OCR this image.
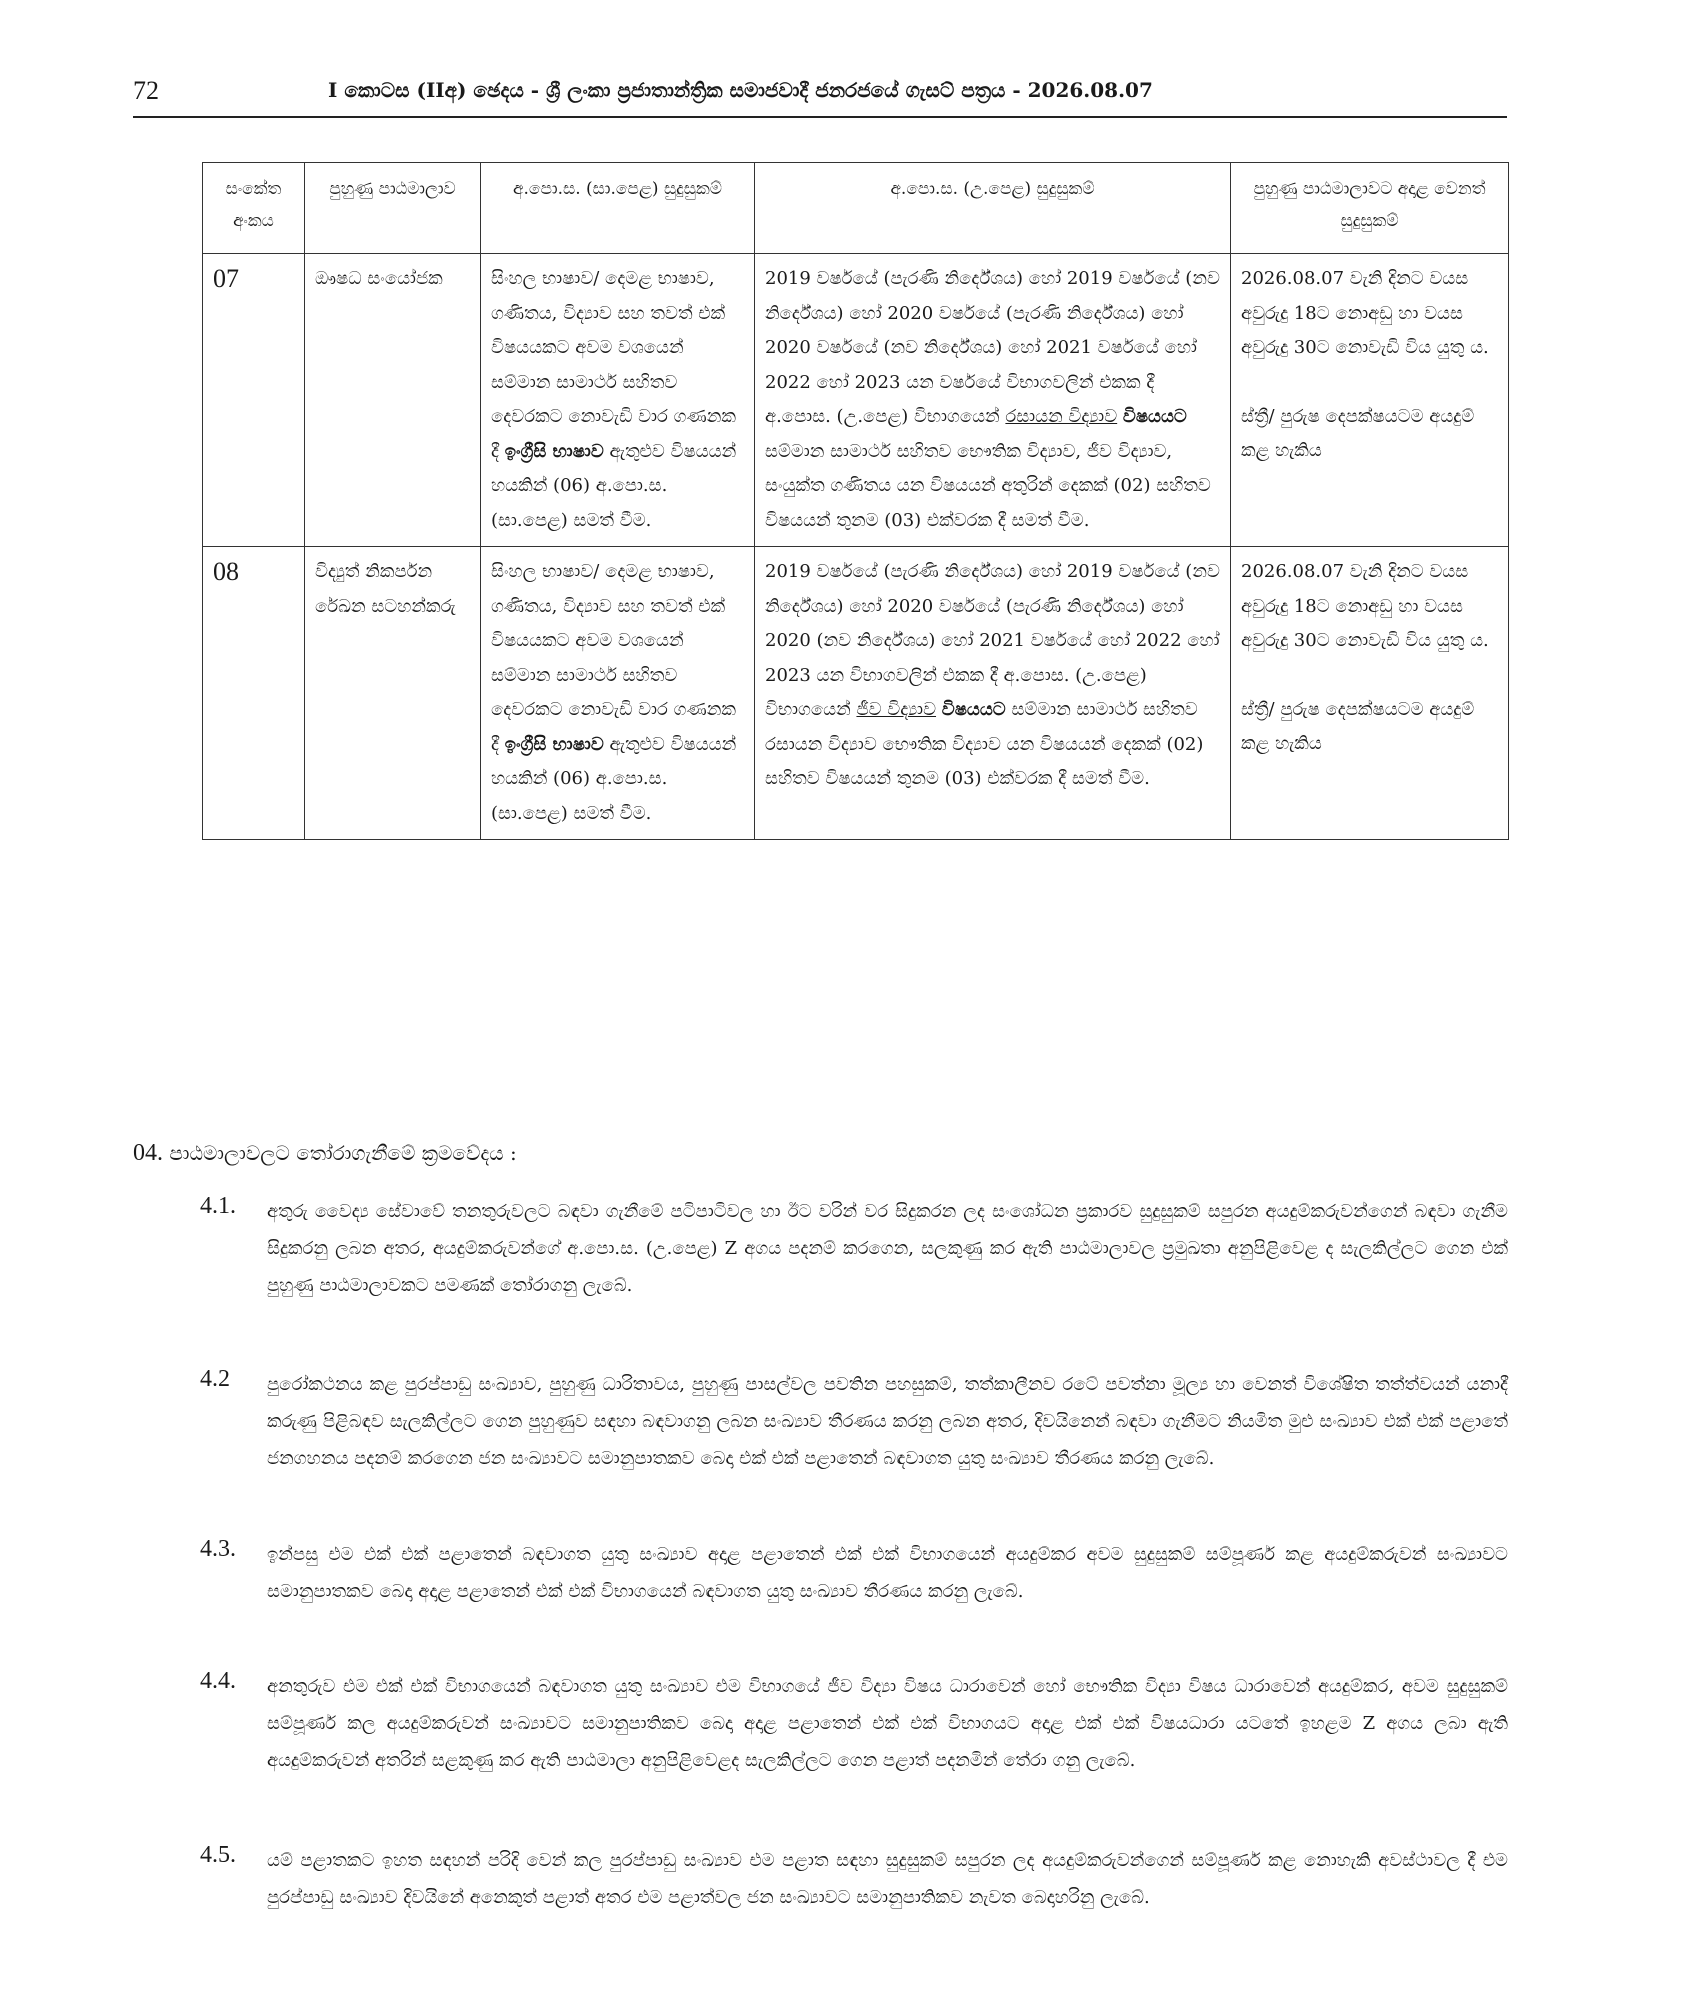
72	I කොටස (IIඅ) ඡෙදය - ශ්‍රී ලංකා ප්‍රජාතාන්ත්‍රික සමාජවාදී ජනරජයේ ගැසට් පත්‍රය - 2026.08.07
සංකේත අංකය	පුහුණු පාඨමාලාව	අ.පො.ස. (සා.පෙළ) සුදුසුකම්	අ.පො.ස. (උ.පෙළ) සුදුසුකම්	පුහුණු පාඨමාලාවට අදාළ වෙනත් සුදුසුකම්
07	ඖෂධ සංයෝජක	සිංහල භාෂාව/ දෙමළ භාෂාව, ගණිතය, විද්‍යාව සහ තවත් එක් විෂයයකට අවම වශයෙන් සම්මාන සාමාර්ථ සහිතව දෙවරකට නොවැඩි වාර ගණනක දී ඉංග්‍රීසි භාෂාව ඇතුළුව විෂයයන් හයකින් (06) අ.පො.ස. (සා.පෙළ) සමත් වීම.	2019 වර්ෂයේ (පැරණි නිර්දේශය) හෝ 2019 වර්ෂයේ (නව නිර්දේශය) හෝ 2020 වර්ෂයේ (පැරණි නිර්දේශය) හෝ 2020 වර්ෂයේ (නව නිර්දේශය) හෝ 2021 වර්ෂයේ හෝ 2022 හෝ 2023 යන වර්ෂයේ විභාගවලින් එකක දී අ.පොස. (උ.පෙළ) විභාගයෙන් රසායන විද්‍යාව විෂයයට සම්මාන සාමාර්ථ සහිතව භෞතික විද්‍යාව, ජීව විද්‍යාව, සංයුක්ත ගණිතය යන විෂයයන් අතුරින් දෙකක් (02) සහිතව විෂයයන් තුනම (03) එක්වරක දී සමත් වීම.	2026.08.07 වැනි දිනට වයස අවුරුදු 18ට නොඅඩු හා වයස අවුරුදු 30ට නොවැඩි විය යුතු ය.
ස්ත්‍රී/ පුරුෂ දෙපක්ෂයටම අයදුම් කළ හැකිය

08	විද්‍යුත් නිකර්පන රේඛන සටහන්කරු	සිංහල භාෂාව/ දෙමළ භාෂාව, ගණිතය, විද්‍යාව සහ තවත් එක් විෂයයකට අවම වශයෙන් සම්මාන සාමාර්ථ සහිතව දෙවරකට නොවැඩි වාර ගණනක දී ඉංග්‍රීසි භාෂාව ඇතුළුව විෂයයන් හයකින් (06) අ.පො.ස. (සා.පෙළ) සමත් වීම.	2019 වර්ෂයේ (පැරණි නිර්දේශය) හෝ 2019 වර්ෂයේ (නව නිර්දේශය) හෝ 2020 වර්ෂයේ (පැරණි නිර්දේශය) හෝ 2020 (නව නිර්දේශය) හෝ 2021 වර්ෂයේ හෝ 2022 හෝ 2023 යන විභාගවලින් එකක දී අ.පොස. (උ.පෙළ) විභාගයෙන් ජීව විද්‍යාව විෂයයට සම්මාන සාමාර්ථ සහිතව රසායන විද්‍යාව භෞතික විද්‍යාව යන විෂයයන් දෙකක් (02) සහිතව විෂයයන් තුනම (03) එක්වරක දී සමත් වීම.	2026.08.07 වැනි දිනට වයස අවුරුදු 18ට නොඅඩු හා වයස අවුරුදු 30ට නොවැඩි විය යුතු ය.
ස්ත්‍රී/ පුරුෂ දෙපක්ෂයටම අයදුම් කළ හැකිය
04. පාඨමාලාවලට තෝරාගැනීමේ ක්‍රමවේදය :
4.1. අතුරු වෛද්‍ය සේවාවේ තනතුරුවලට බඳවා ගැනීමේ පටිපාටිවල හා ඊට වරින් වර සිදුකරන ලද සංශෝධන ප්‍රකාරව සුදුසුකම් සපුරන අයදුම්කරුවන්ගෙන් බඳවා ගැනීම සිදුකරනු ලබන අතර, අයදුම්කරුවන්ගේ අ.පො.ස. (උ.පෙළ) Z අගය පදනම් කරගෙන, සලකුණු කර ඇති පාඨමාලාවල ප්‍රමුඛතා අනුපිළිවෙළ ද සැලකිල්ලට ගෙන එක් පුහුණු පාඨමාලාවකට පමණක් තෝරාගනු ලැබේ.
4.2 පුරෝකථනය කළ පුරප්පාඩු සංඛ්‍යාව, පුහුණු ධාරිතාවය, පුහුණු පාසල්වල පවතින පහසුකම්, තත්කාලීනව රටේ පවත්නා මූල්‍ය හා වෙනත් විශේෂිත තත්ත්වයන් යනාදී කරුණු පිළිබඳව සැලකිල්ලට ගෙන පුහුණුව සඳහා බඳවාගනු ලබන සංඛ්‍යාව තීරණය කරනු ලබන අතර, දිවයිනෙන් බඳවා ගැනීමට නියමිත මුළු සංඛ්‍යාව එක් එක් පළාතේ ජනගහනය පදනම් කරගෙන ජන සංඛ්‍යාවට සමානුපාතකව බෙදා එක් එක් පළාතෙන් බඳවාගත යුතු සංඛ්‍යාව තීරණය කරනු ලැබේ.
4.3. ඉන්පසු එම එක් එක් පළාතෙන් බඳවාගත යුතු සංඛ්‍යාව අදාළ පළාතෙන් එක් එක් විභාගයෙන් අයදුම්කර අවම සුදුසුකම් සම්පූර්ණ කළ අයදුම්කරුවන් සංඛ්‍යාවට සමානුපාතකව බෙදා අදාළ පළාතෙන් එක් එක් විභාගයෙන් බඳවාගත යුතු සංඛ්‍යාව තීරණය කරනු ලැබේ.
4.4. අනතුරුව එම එක් එක් විභාගයෙන් බඳවාගත යුතු සංඛ්‍යාව එම විභාගයේ ජීව විද්‍යා විෂය ධාරාවෙන් හෝ භෞතික විද්‍යා විෂය ධාරාවෙන් අයදුම්කර, අවම සුදුසුකම් සම්පූර්ණ කල අයදුම්කරුවන් සංඛ්‍යාවට සමානුපාතිකව බෙදා අදාළ පළාතෙන් එක් එක් විභාගයට අදාළ එක් එක් විෂයධාරා යටතේ ඉහළම Z අගය ලබා ඇති අයදුම්කරුවන් අතරින් සළකුණු කර ඇති පාඨමාලා අනුපිළිවෙළද සැලකිල්ලට ගෙන පළාත් පදනමින් තේරා ගනු ලැබේ.
4.5. යම් පළාතකට ඉහත සඳහන් පරිදි වෙන් කල පුරප්පාඩු සංඛ්‍යාව එම පළාත සඳහා සුදුසුකම් සපුරන ලද අයදුම්කරුවන්ගෙන් සම්පූර්ණ කළ නොහැකි අවස්ථාවල දී එම පුරප්පාඩු සංඛ්‍යාව දිවයිනේ අනෙකුත් පළාත් අතර එම පළාත්වල ජන සංඛ්‍යාවට සමානුපාතිකව නැවත බෙදාහරිනු ලැබේ.
